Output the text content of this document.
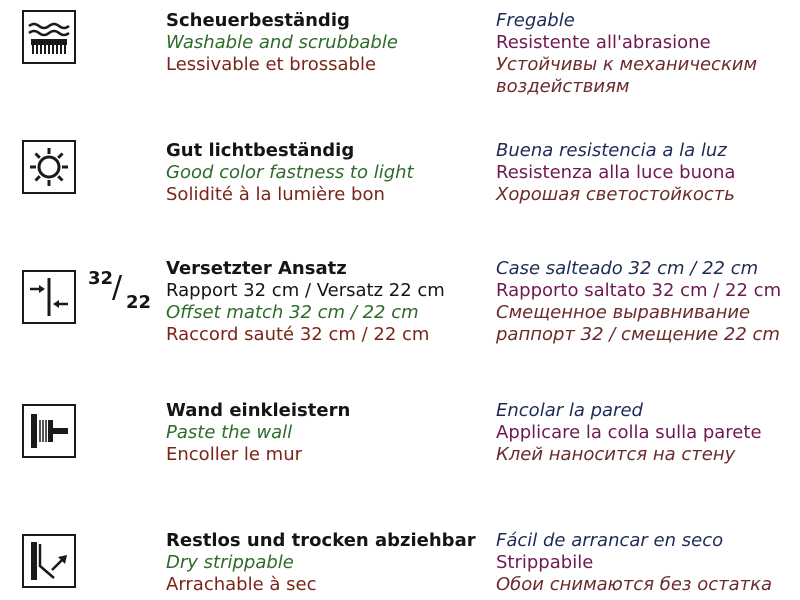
Scheuerbeständig
Washable and scrubbable
Lessivable et brossable
Fregable
Resistente all'abrasione
Устойчивы к механическим
воздействиям
Gut lichtbeständig
Good color fastness to light
Solidité à la lumière bon
Buena resistencia a la luz
Resistenza alla luce buona
Хорошая светостойкость
32
/ 22
Versetzter Ansatz
Rapport 32 cm / Versatz 22 cm
Offset match 32 cm / 22 cm
Raccord sauté 32 cm / 22 cm
Case salteado 32 cm / 22 cm
Rapporto saltato 32 cm / 22 cm
Смещенное выравнивание
раппорт 32 / смещение 22 cm
Wand einkleistern
Paste the wall
Encoller le mur
Encolar la pared
Applicare la colla sulla parete
Клей наносится на стену
Restlos und trocken abziehbar
Dry strippable
Arrachable à sec
Fácil de arrancar en seco
Strippabile
Обои снимаются без остатка
